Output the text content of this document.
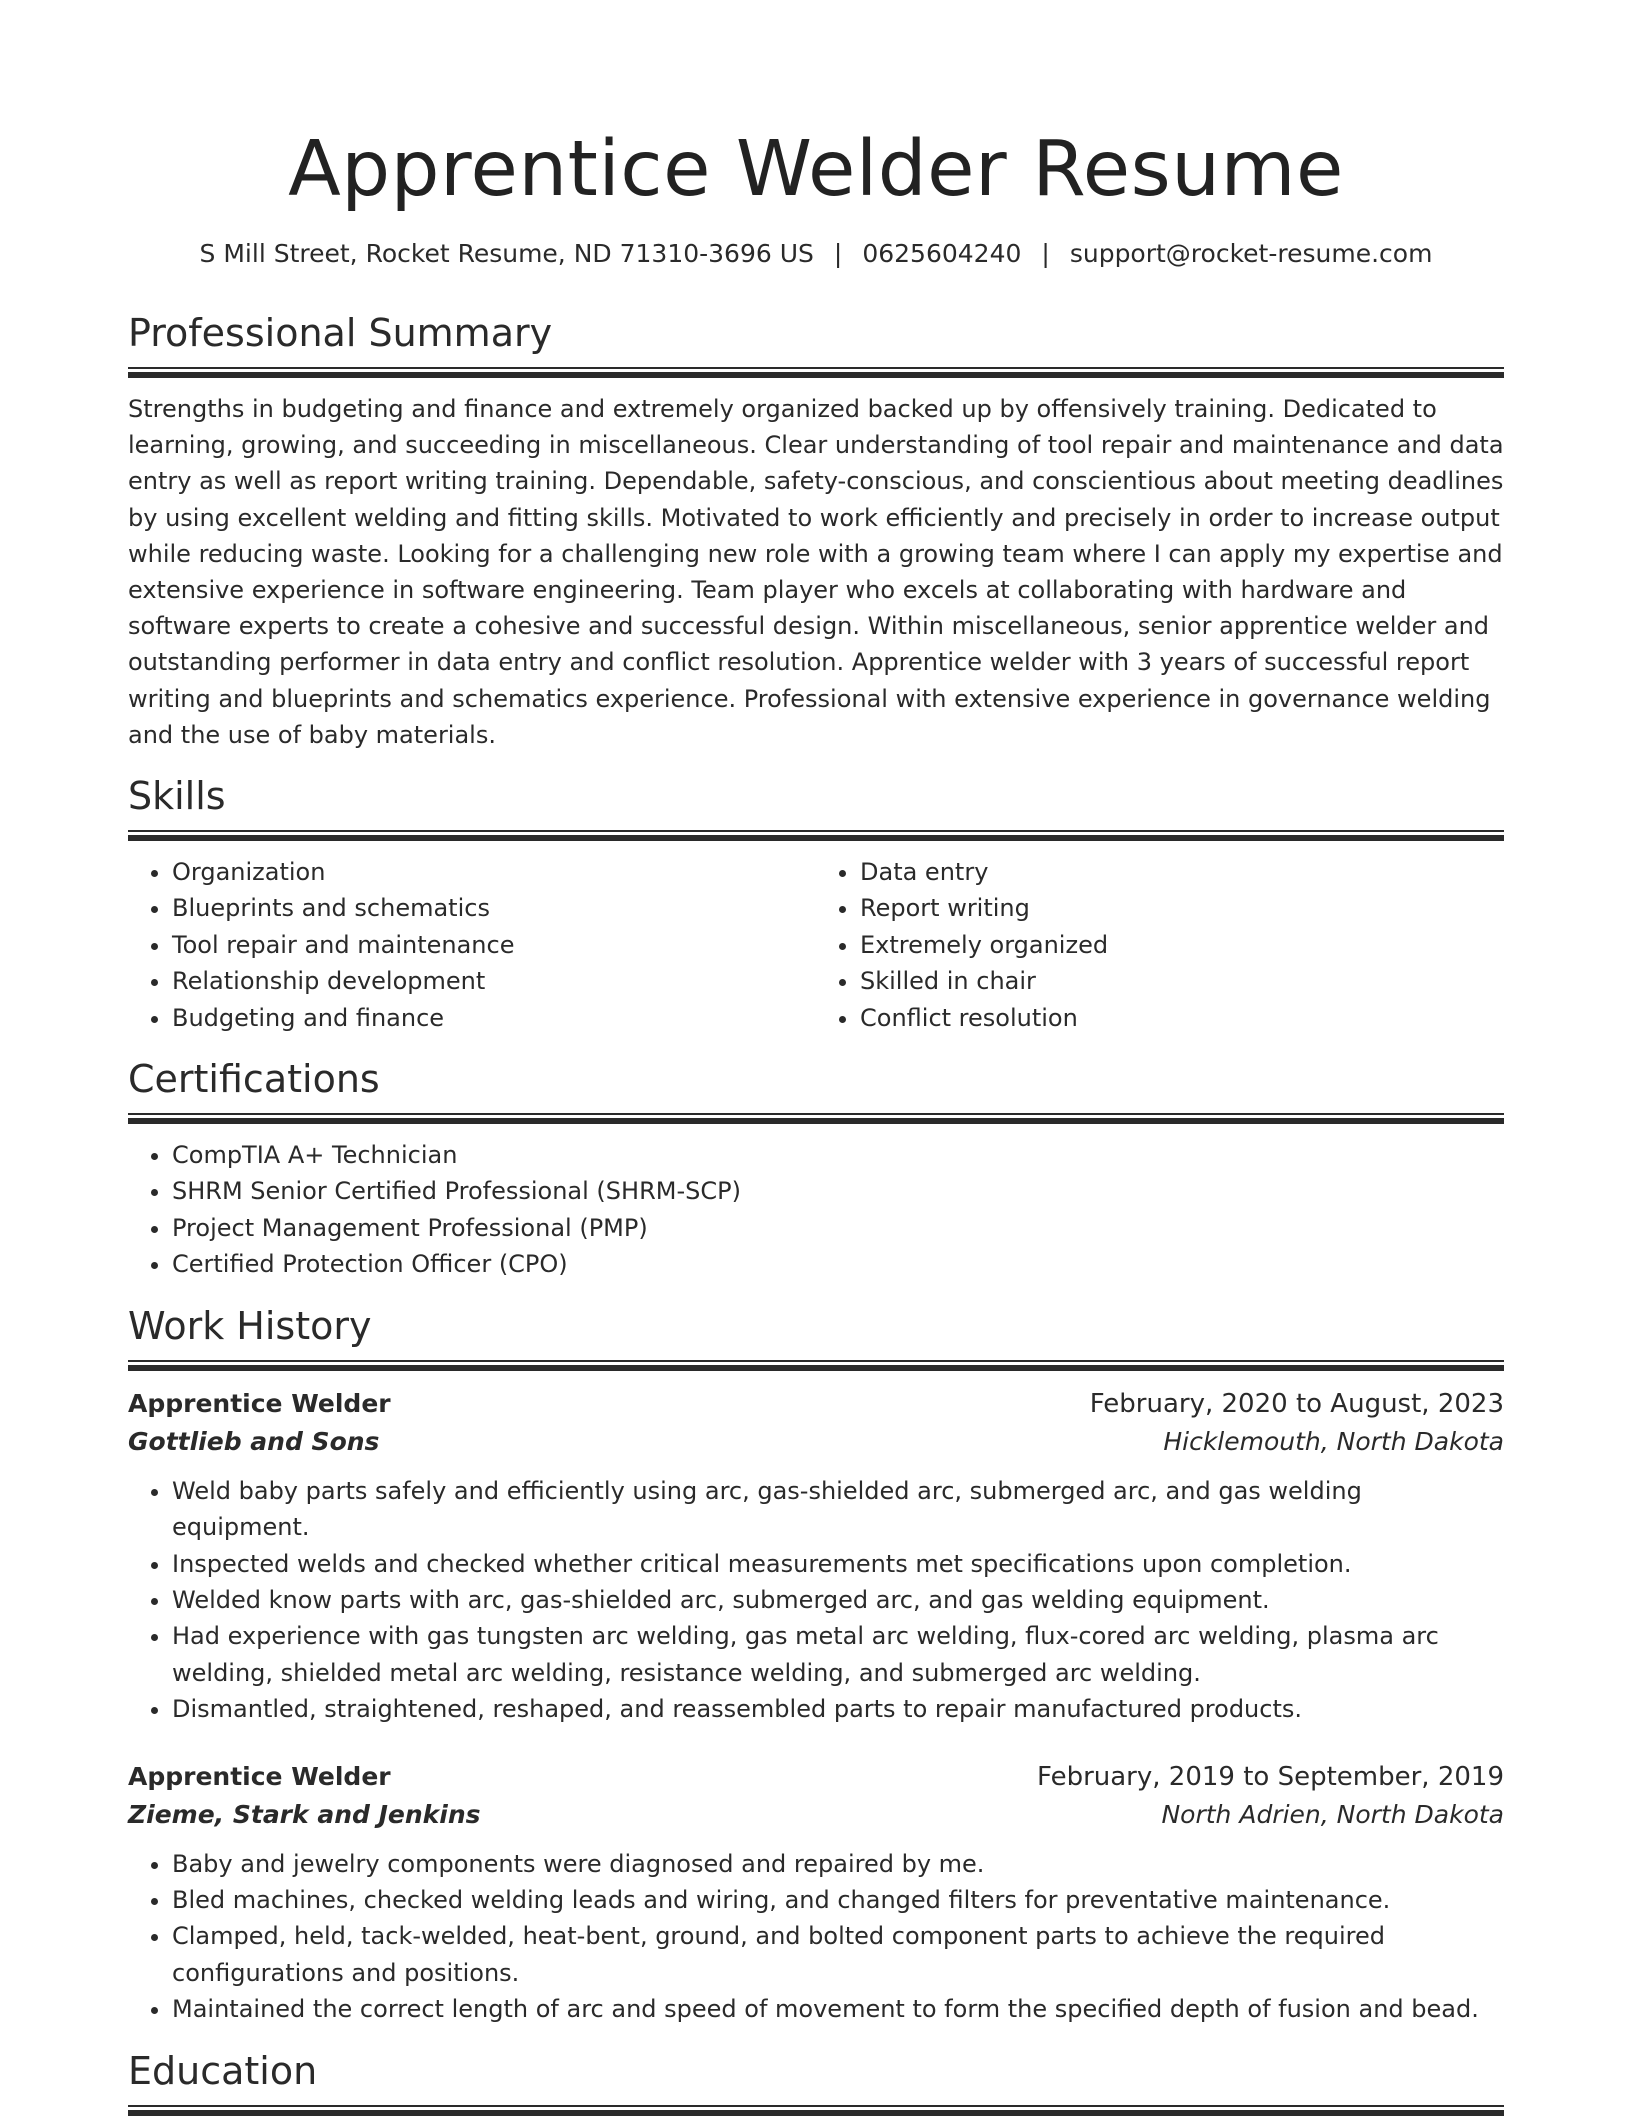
Apprentice Welder Resume
S Mill Street, Rocket Resume, ND 71310-3696 US | 0625604240 | support@rocket-resume.com
Professional Summary
Strengths in budgeting and finance and extremely organized backed up by offensively training. Dedicated to learning, growing, and succeeding in miscellaneous. Clear understanding of tool repair and maintenance and data entry as well as report writing training. Dependable, safety-conscious, and conscientious about meeting deadlines by using excellent welding and fitting skills. Motivated to work efficiently and precisely in order to increase output while reducing waste. Looking for a challenging new role with a growing team where I can apply my expertise and extensive experience in software engineering. Team player who excels at collaborating with hardware and software experts to create a cohesive and successful design. Within miscellaneous, senior apprentice welder and outstanding performer in data entry and conflict resolution. Apprentice welder with 3 years of successful report writing and blueprints and schematics experience. Professional with extensive experience in governance welding and the use of baby materials.
Skills
• Organization
• Blueprints and schematics
• Tool repair and maintenance
• Relationship development
• Budgeting and finance
• Data entry
• Report writing
• Extremely organized
• Skilled in chair
• Conflict resolution
Certifications
• CompTIA A+ Technician
• SHRM Senior Certified Professional (SHRM-SCP)
• Project Management Professional (PMP)
• Certified Protection Officer (CPO)
Work History
Apprentice Welder	February, 2020 to August, 2023
Gottlieb and Sons	Hicklemouth, North Dakota
• Weld baby parts safely and efficiently using arc, gas-shielded arc, submerged arc, and gas welding equipment.
• Inspected welds and checked whether critical measurements met specifications upon completion.
• Welded know parts with arc, gas-shielded arc, submerged arc, and gas welding equipment.
• Had experience with gas tungsten arc welding, gas metal arc welding, flux-cored arc welding, plasma arc welding, shielded metal arc welding, resistance welding, and submerged arc welding.
• Dismantled, straightened, reshaped, and reassembled parts to repair manufactured products.
Apprentice Welder	February, 2019 to September, 2019
Zieme, Stark and Jenkins	North Adrien, North Dakota
• Baby and jewelry components were diagnosed and repaired by me.
• Bled machines, checked welding leads and wiring, and changed filters for preventative maintenance.
• Clamped, held, tack-welded, heat-bent, ground, and bolted component parts to achieve the required configurations and positions.
• Maintained the correct length of arc and speed of movement to form the specified depth of fusion and bead.
Education
